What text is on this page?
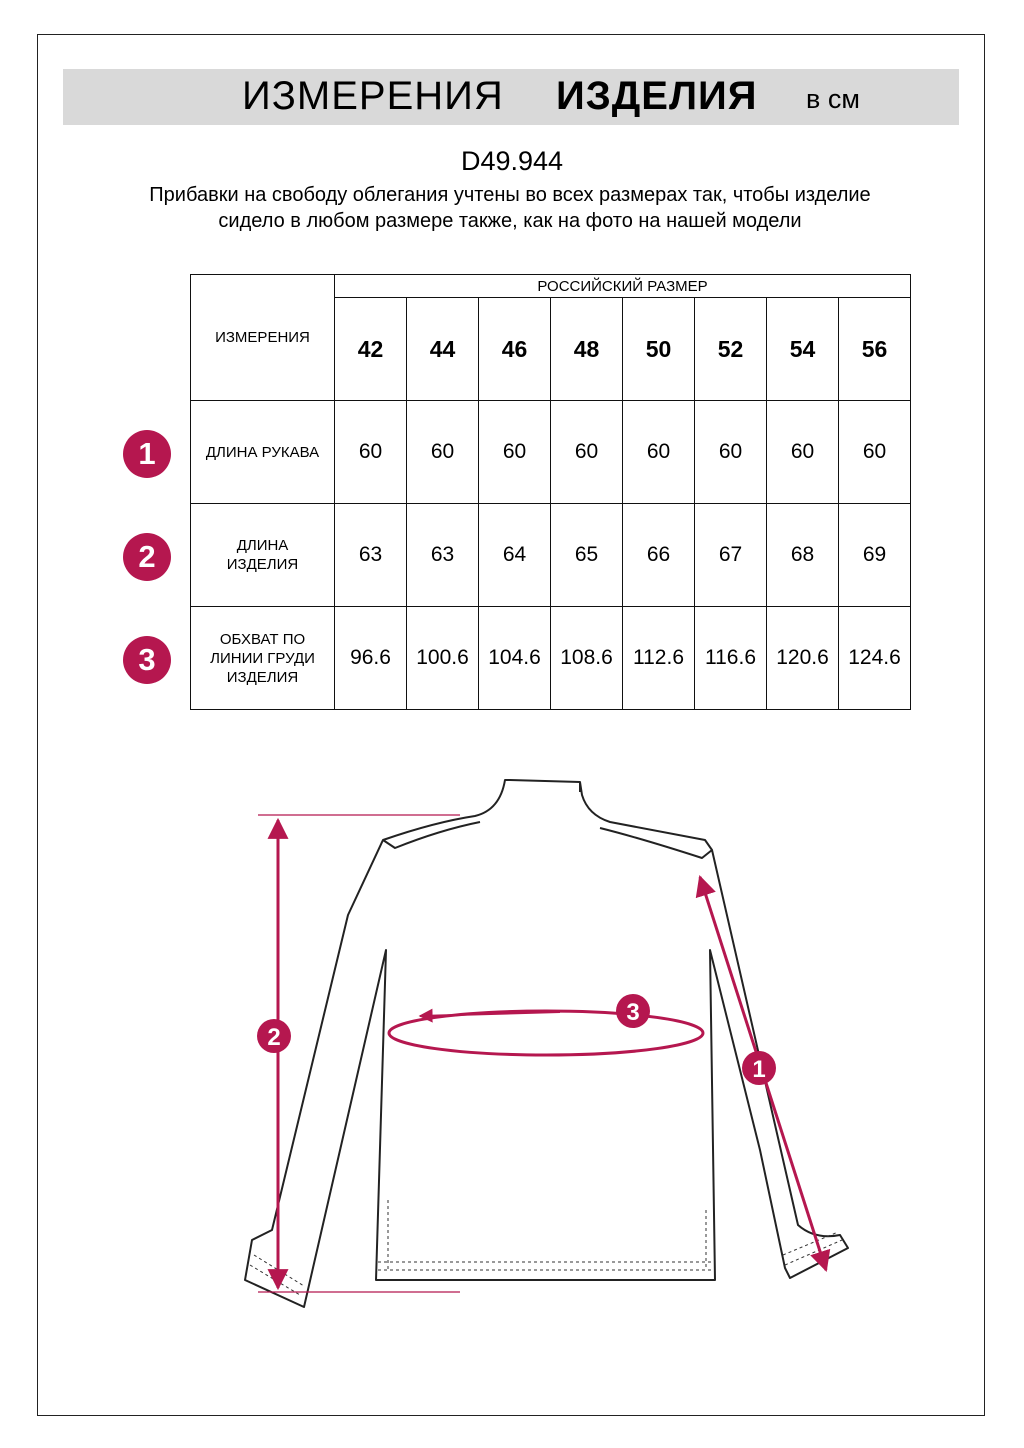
ИЗМЕРЕНИЯ ИЗДЕЛИЯ в см
D49.944
Прибавки на свободу облегания учтены во всех размерах так, чтобы изделие сидело в любом размере также, как на фото на нашей модели
ИЗМЕРЕНИЯ	РОССИЙСКИЙ РАЗМЕР							
	42	44	46	48	50	52	54	56
ДЛИНА РУКАВА	60	60	60	60	60	60	60	60
ДЛИНА ИЗДЕЛИЯ	63	63	64	65	66	67	68	69
ОБХВАТ ПО ЛИНИИ ГРУДИ ИЗДЕЛИЯ	96.6	100.6	104.6	108.6	112.6	116.6	120.6	124.6
1
2
3
2
3
1
